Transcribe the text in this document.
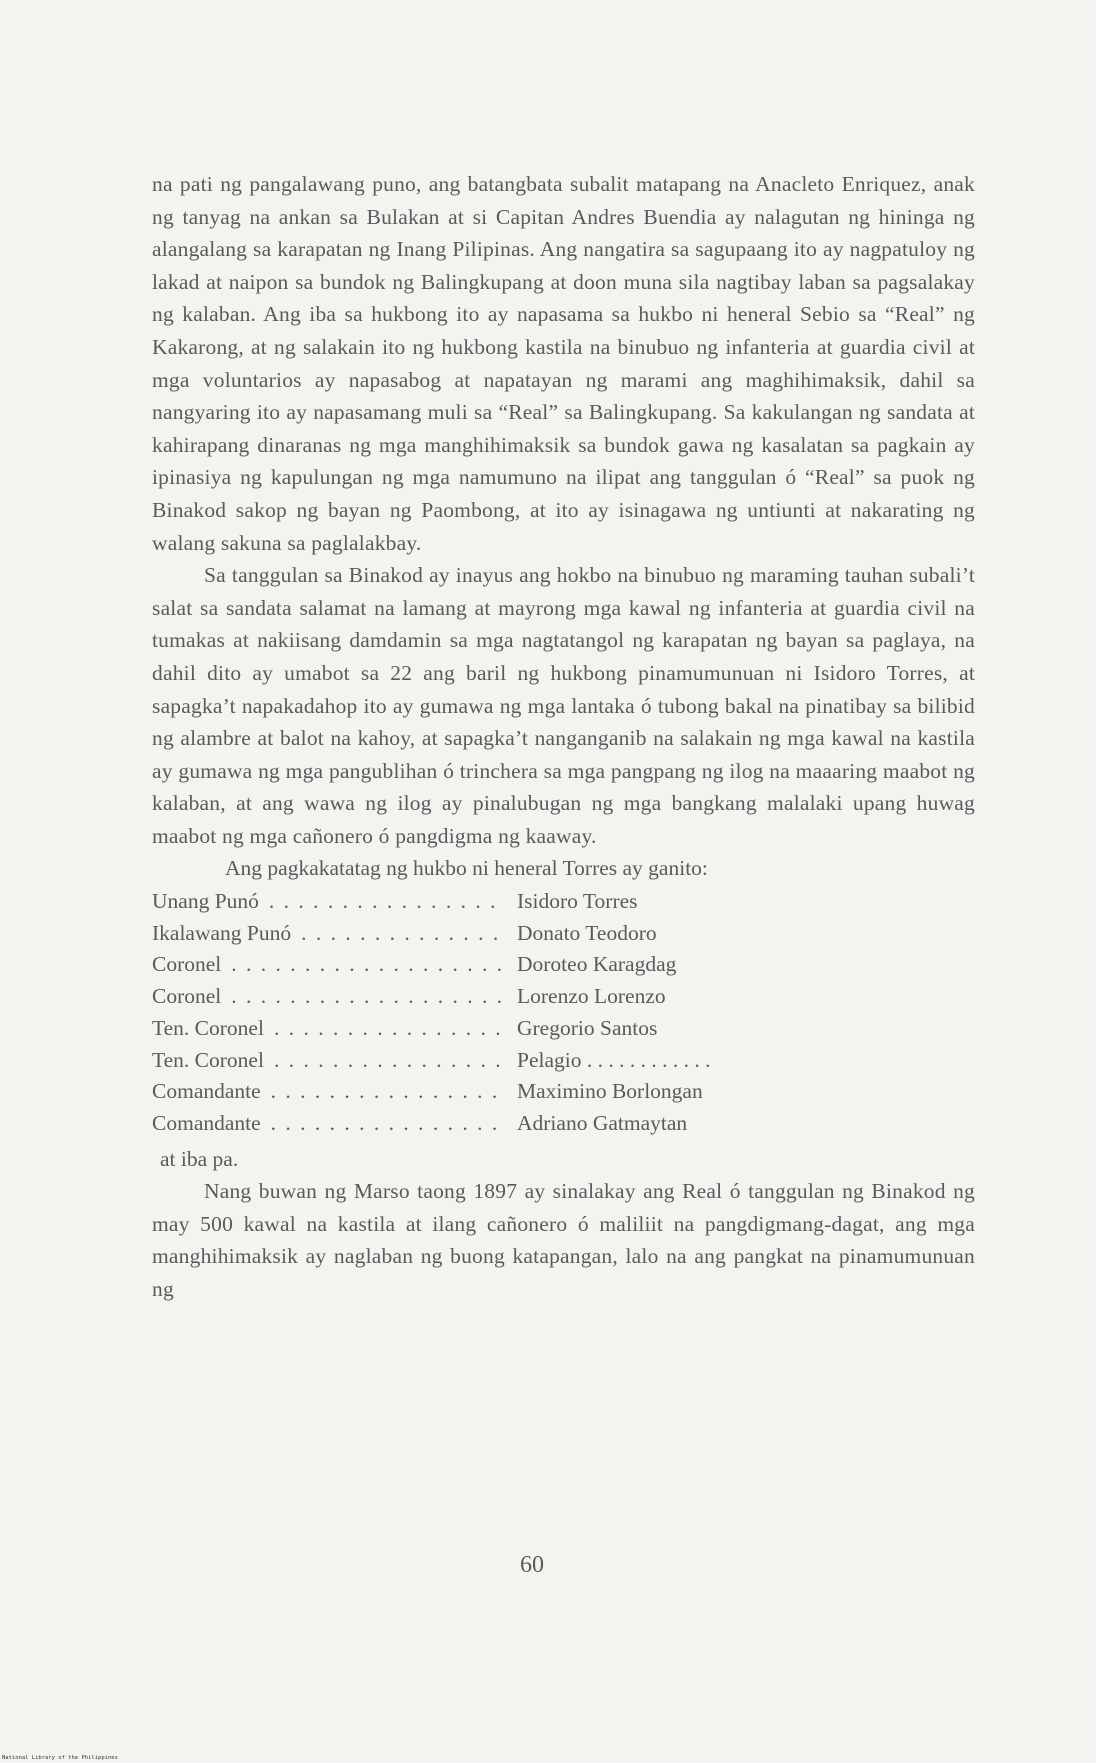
na pati ng pangalawang puno, ang batangbata subalit matapang na Anacleto Enriquez, anak ng tanyag na ankan sa Bulakan at si Capitan Andres Buendia ay nalagutan ng hininga ng alangalang sa karapatan ng Inang Pilipinas. Ang nangatira sa sagupaang ito ay nagpatuloy ng lakad at naipon sa bundok ng Balingkupang at doon muna sila nagtibay laban sa pagsalakay ng kalaban. Ang iba sa hukbong ito ay napasama sa hukbo ni heneral Sebio sa “Real” ng Kakarong, at ng salakain ito ng hukbong kastila na binubuo ng infanteria at guardia civil at mga voluntarios ay napasabog at napatayan ng marami ang maghihimaksik, dahil sa nangyaring ito ay napasamang muli sa “Real” sa Balingkupang. Sa kakulangan ng sandata at kahirapang dinaranas ng mga manghihimaksik sa bundok gawa ng kasalatan sa pagkain ay ipinasiya ng kapulungan ng mga namumuno na ilipat ang tanggulan ó “Real” sa puok ng Binakod sakop ng bayan ng Paombong, at ito ay isinagawa ng untiunti at nakarating ng walang sakuna sa paglalakbay.

Sa tanggulan sa Binakod ay inayus ang hokbo na binubuo ng maraming tauhan subali’t salat sa sandata salamat na lamang at mayrong mga kawal ng infanteria at guardia civil na tumakas at nakiisang damdamin sa mga nagtatangol ng karapatan ng bayan sa paglaya, na dahil dito ay umabot sa 22 ang baril ng hukbong pinamumunuan ni Isidoro Torres, at sapagka’t napakadahop ito ay gumawa ng mga lantaka ó tubong bakal na pinatibay sa bilibid ng alambre at balot na kahoy, at sapagka’t nanganganib na salakain ng mga kawal na kastila ay gumawa ng mga pangublihan ó trinchera sa mga pangpang ng ilog na maaaring maabot ng kalaban, at ang wawa ng ilog ay pinalubugan ng mga bangkang malalaki upang huwag maabot ng mga cañonero ó pangdigma ng kaaway.

Ang pagkakatatag ng hukbo ni heneral Torres ay ganito:

Unang Punó . . .	Isidoro Torres
Ikalawang Punó . . .	Donato Teodoro
Coronel . . .	Doroteo Karagdag
Coronel . . .	Lorenzo Lorenzo
Ten. Coronel . . .	Gregorio Santos
Ten. Coronel . . .	Pelagio . . . . . . . . . . . .
Comandante . . .	Maximino Borlongan
Comandante . . .	Adriano Gatmaytan

at iba pa.

Nang buwan ng Marso taong 1897 ay sinalakay ang Real ó tanggulan ng Binakod ng may 500 kawal na kastila at ilang cañonero ó maliliit na pangdigmang-dagat, ang mga manghihimaksik ay naglaban ng buong katapangan, lalo na ang pangkat na pinamumunuan ng

60
National Library of the Philippines
